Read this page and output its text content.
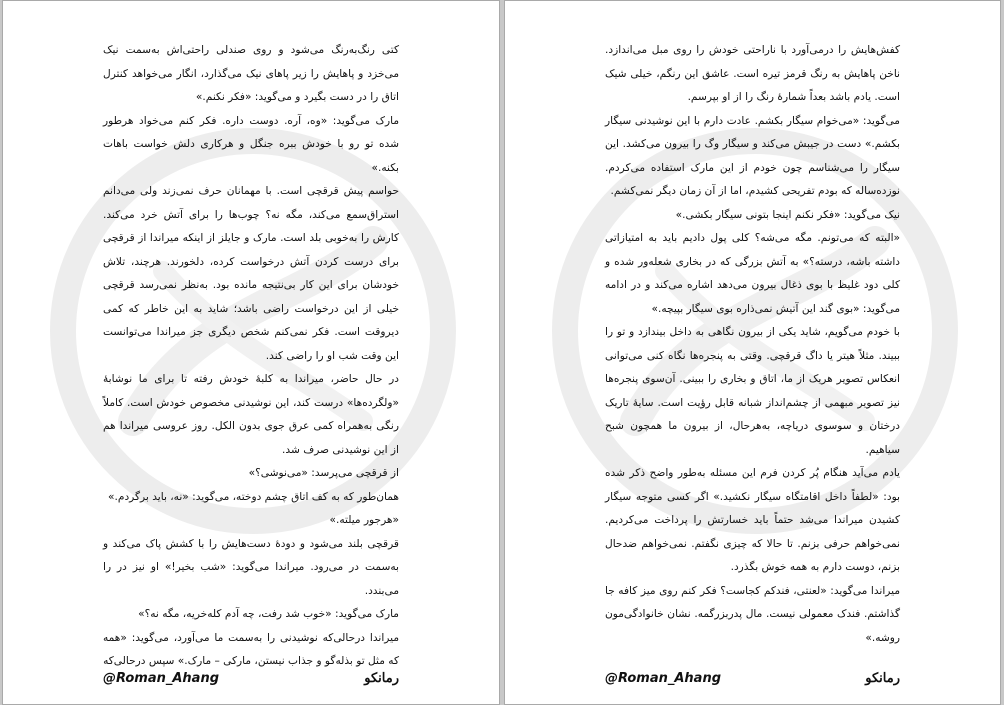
کتی رنگ‌به‌رنگ می‌شود و روی صندلی راحتی‌اش به‌سمت نیک می‌خزد و پاهایش را زیر پاهای نیک می‌گذارد، انگار می‌خواهد کنترل اتاق را در دست بگیرد و می‌گوید: «فکر نکنم.»

مارک می‌گوید: «وه، آره. دوست داره. فکر کنم می‌خواد هرطور شده تو رو با خودش ببره جنگل و هرکاری دلش خواست باهات بکنه.»

حواسم پیش قرقچی است. با مهمانان حرف نمی‌زند ولی می‌دانم استراق‌سمع می‌کند، مگه نه؟ چوب‌ها را برای آتش خرد می‌کند. کارش را به‌خوبی بلد است. مارک و جایلز از اینکه میراندا از قرقچی برای درست کردن آتش درخواست کرده، دلخورند. هرچند، تلاش خودشان برای این کار بی‌نتیجه مانده بود. به‌نظر نمی‌رسد قرقچی خیلی از این درخواست راضی باشد؛ شاید به این خاطر که کمی دیروقت است. فکر نمی‌کنم شخص دیگری جز میراندا می‌توانست این وقت شب او را راضی کند.

در حال حاضر، میراندا به کلبهٔ خودش رفته تا برای ما نوشابهٔ «ولگرده‌ها» درست کند، این نوشیدنی مخصوص خودش است. کاملاً رنگی به‌همراه کمی عرق جوی بدون الکل. روز عروسی میراندا هم از این نوشیدنی صرف شد.

از قرقچی می‌پرسد: «می‌نوشی؟»

همان‌طور که به کف اتاق چشم دوخته، می‌گوید: «نه، باید برگردم.»

«هرجور میلته.»

قرقچی بلند می‌شود و دودهٔ دست‌هایش را با کشش پاک می‌کند و به‌سمت در می‌رود. میراندا می‌گوید: «شب بخیر!» او نیز در را می‌بندد.

مارک می‌گوید: «خوب شد رفت، چه آدم کله‌خریه، مگه نه؟»

میراندا درحالی‌که نوشیدنی را به‌سمت ما می‌آورد، می‌گوید: «همه که مثل تو بذله‌گو و جذاب نیستن، مارکی – مارک.» سپس درحالی‌که

@Roman_Ahang	رمانکو

کفش‌هایش را درمی‌آورد با ناراحتی خودش را روی مبل می‌اندازد. ناخن پاهایش به رنگ قرمز تیره است. عاشق این رنگم، خیلی شیک است. یادم باشد بعداً شمارهٔ رنگ را از او بپرسم.

می‌گوید: «می‌خوام سیگار بکشم. عادت دارم با این نوشیدنی سیگار بکشم.» دست در جیبش می‌کند و سیگار وگ را بیرون می‌کشد. این سیگار را می‌شناسم چون خودم از این مارک استفاده می‌کردم. نوزده‌ساله که بودم تفریحی کشیدم، اما از آن زمان دیگر نمی‌کشم.

نیک می‌گوید: «فکر نکنم اینجا بتونی سیگار بکشی.»

«البته که می‌تونم. مگه می‌شه؟ کلی پول دادیم باید به امتیازاتی داشته باشه، درسته؟» به آتش بزرگی که در بخاری شعله‌ور شده و کلی دود غلیظ با بوی ذغال بیرون می‌دهد اشاره می‌کند و در ادامه می‌گوید: «بوی گند این آتیش نمی‌ذاره بوی سیگار بپیچه.»

با خودم می‌گویم، شاید یکی از بیرون نگاهی به داخل بیندازد و تو را ببیند. مثلاً هیتر یا داگ قرقچی. وقتی به پنجره‌ها نگاه کنی می‌توانی انعکاس تصویر هریک از ما، اتاق و بخاری را ببینی. آن‌سوی پنجره‌ها نیز تصویر مبهمی از چشم‌انداز شبانه قابل رؤیت است. سایهٔ تاریک درختان و سوسوی دریاچه، به‌هرحال، از بیرون ما همچون شبح سیاهیم.

یادم می‌آید هنگام پُر کردن فرم این مسئله به‌طور واضح ذکر شده بود: «لطفاً داخل اقامتگاه سیگار نکشید.» اگر کسی متوجه سیگار کشیدن میراندا می‌شد حتماً باید خسارتش را پرداخت می‌کردیم. نمی‌خواهم حرفی بزنم. تا حالا که چیزی نگفتم. نمی‌خواهم ضدحال بزنم، دوست دارم به همه خوش بگذرد.

میراندا می‌گوید: «لعنتی، فندکم کجاست؟ فکر کنم روی میز کافه جا گذاشتم. فندک معمولی نیست. مال پدربزرگمه. نشان خانوادگی‌مون روشه.»

@Roman_Ahang	رمانکو
